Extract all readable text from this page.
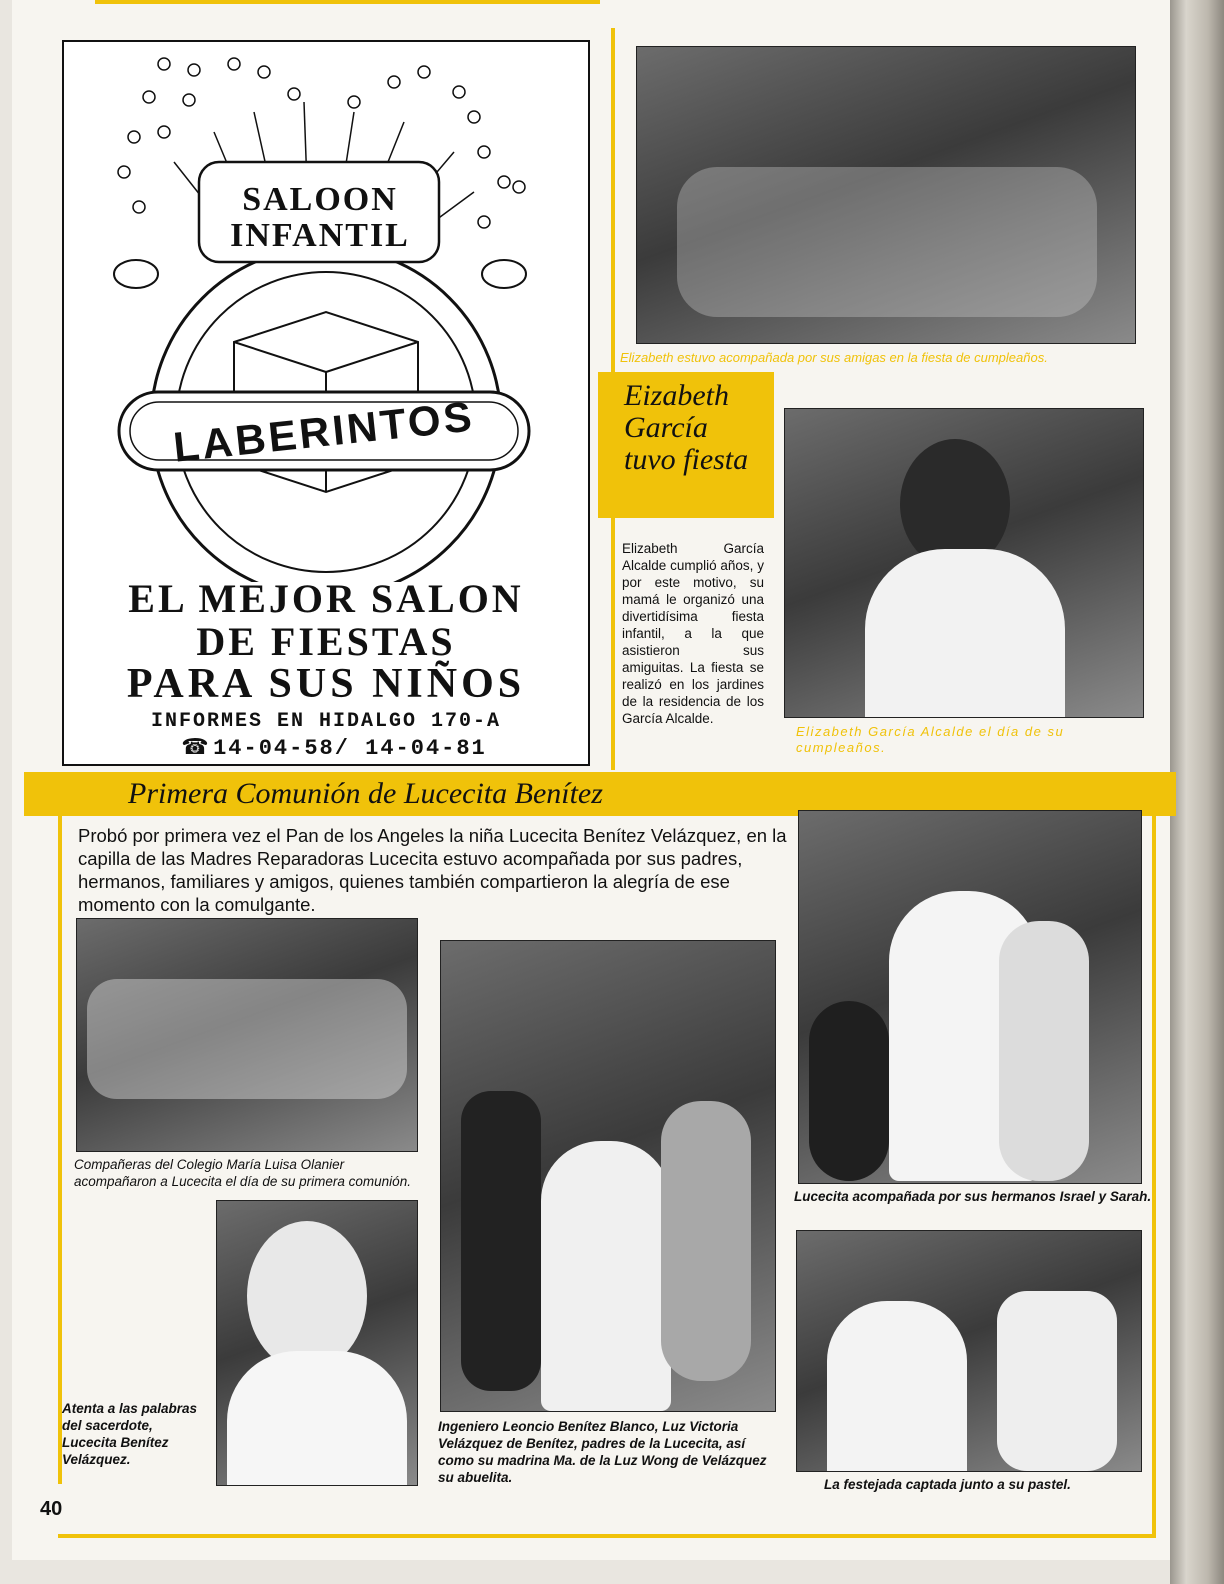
SALOON INFANTIL
LABERINTOS
EL MEJOR SALON
DE FIESTAS
PARA SUS NIÑOS
INFORMES EN HIDALGO 170-A
☎ 14-04-58/ 14-04-81
Elizabeth estuvo acompañada por sus amigas en la fiesta de cumpleaños.
Eizabeth García tuvo fiesta
Elizabeth García Alcalde cumplió años, y por este motivo, su mamá le organizó una divertidísima fiesta infantil, a la que asistieron sus amiguitas. La fiesta se realizó en los jardines de la residencia de los García Alcalde.
Elizabeth García Alcalde el día de su cumpleaños.
Primera Comunión de Lucecita Benítez
Probó por primera vez el Pan de los Angeles la niña Lucecita Benítez Velázquez, en la capilla de las Madres Reparadoras Lucecita estuvo acompañada por sus padres, hermanos, familiares y amigos, quienes también compartieron la alegría de ese momento con la comulgante.
Compañeras del Colegio María Luisa Olanier acompañaron a Lucecita el día de su primera comunión.
Ingeniero Leoncio Benítez Blanco, Luz Victoria Velázquez de Benítez, padres de la Lucecita, así como su madrina Ma. de la Luz Wong de Velázquez su abuelita.
Atenta a las palabras del sacerdote, Lucecita Benítez Velázquez.
Lucecita acompañada por sus hermanos Israel y Sarah.
La festejada captada junto a su pastel.
40
